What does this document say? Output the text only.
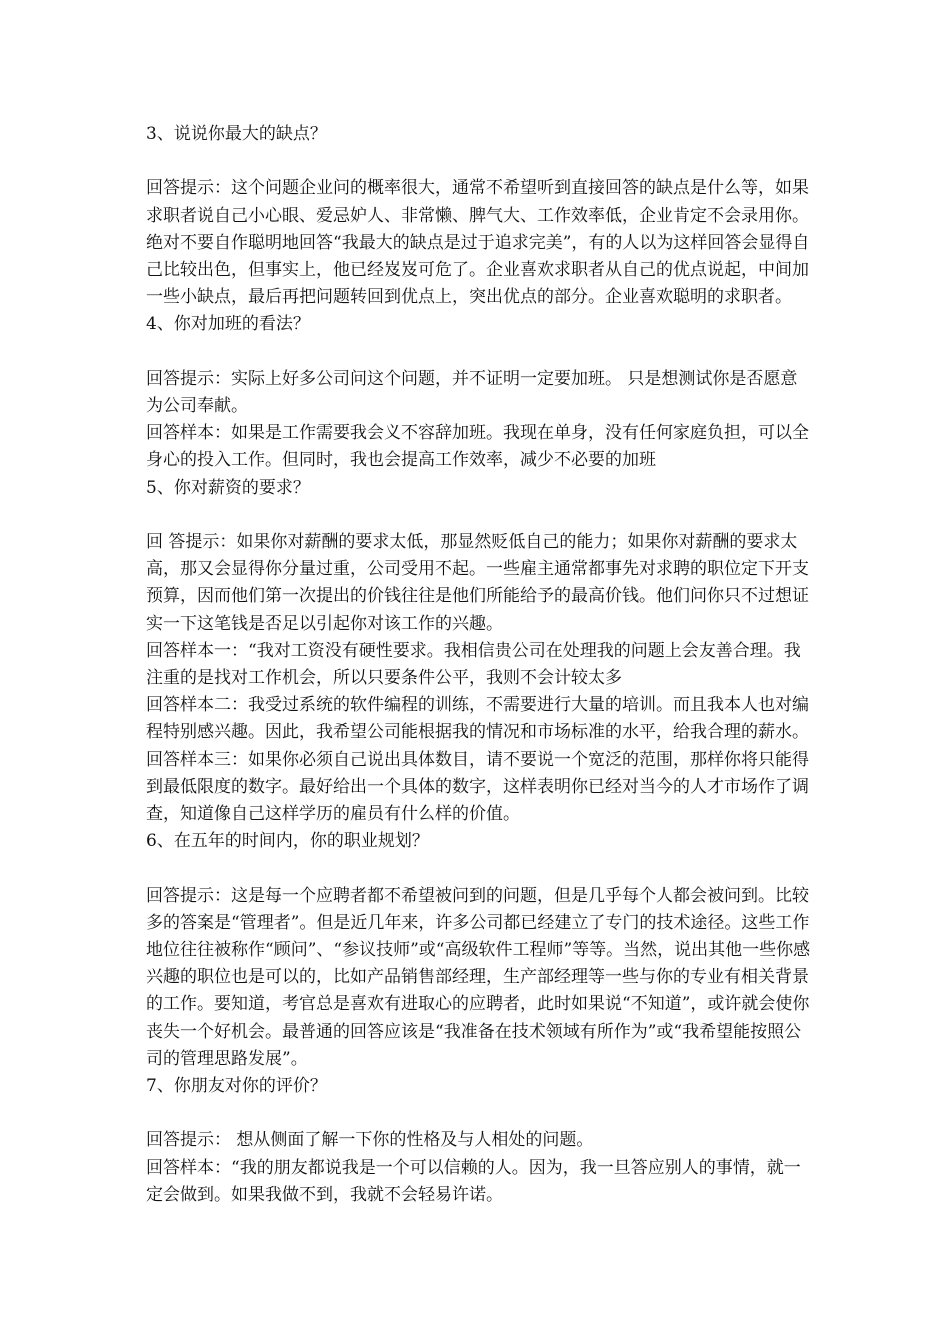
3、说说你最大的缺点？

回答提示：这个问题企业问的概率很大，通常不希望听到直接回答的缺点是什么等，如果求职者说自己小心眼、爱忌妒人、非常懒、脾气大、工作效率低，企业肯定不会录用你。绝对不要自作聪明地回答“我最大的缺点是过于追求完美”，有的人以为这样回答会显得自己比较出色，但事实上，他已经岌岌可危了。企业喜欢求职者从自己的优点说起，中间加一些小缺点，最后再把问题转回到优点上，突出优点的部分。企业喜欢聪明的求职者。

4、你对加班的看法？

回答提示：实际上好多公司问这个问题，并不证明一定要加班。 只是想测试你是否愿意为公司奉献。

回答样本：如果是工作需要我会义不容辞加班。我现在单身，没有任何家庭负担，可以全身心的投入工作。但同时，我也会提高工作效率，减少不必要的加班

5、你对薪资的要求？

回 答提示：如果你对薪酬的要求太低，那显然贬低自己的能力；如果你对薪酬的要求太高，那又会显得你分量过重，公司受用不起。一些雇主通常都事先对求聘的职位定下开支预算，因而他们第一次提出的价钱往往是他们所能给予的最高价钱。他们问你只不过想证实一下这笔钱是否足以引起你对该工作的兴趣。

回答样本一：“我对工资没有硬性要求。我相信贵公司在处理我的问题上会友善合理。我注重的是找对工作机会，所以只要条件公平，我则不会计较太多

回答样本二：我受过系统的软件编程的训练，不需要进行大量的培训。而且我本人也对编程特别感兴趣。因此，我希望公司能根据我的情况和市场标准的水平，给我合理的薪水。

回答样本三：如果你必须自己说出具体数目，请不要说一个宽泛的范围，那样你将只能得到最低限度的数字。最好给出一个具体的数字，这样表明你已经对当今的人才市场作了调查，知道像自己这样学历的雇员有什么样的价值。

6、在五年的时间内，你的职业规划？

回答提示：这是每一个应聘者都不希望被问到的问题，但是几乎每个人都会被问到。比较多的答案是“管理者”。但是近几年来，许多公司都已经建立了专门的技术途径。这些工作地位往往被称作“顾问”、“参议技师”或“高级软件工程师”等等。当然，说出其他一些你感兴趣的职位也是可以的，比如产品销售部经理，生产部经理等一些与你的专业有相关背景的工作。要知道，考官总是喜欢有进取心的应聘者，此时如果说“不知道”，或许就会使你丧失一个好机会。最普通的回答应该是“我准备在技术领域有所作为”或“我希望能按照公司的管理思路发展”。

7、你朋友对你的评价？

回答提示： 想从侧面了解一下你的性格及与人相处的问题。

回答样本：“我的朋友都说我是一个可以信赖的人。因为，我一旦答应别人的事情，就一定会做到。如果我做不到，我就不会轻易许诺。
